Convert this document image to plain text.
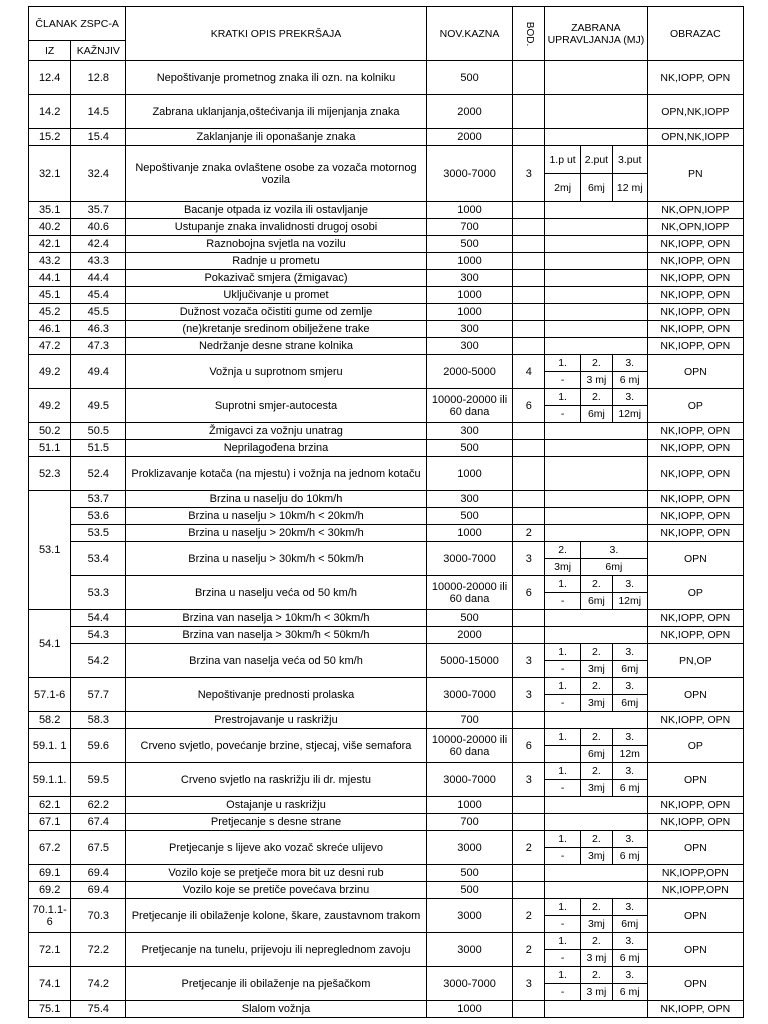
ČLANAK ZSPC-A		KRATKI OPIS PREKRŠAJA	NOV.KAZNA	BOD.	ZABRANA UPRAVLJANJA (MJ)			OBRAZAC
IZ	KAŽNJIV							
12.4	12.8	Nepoštivanje prometnog znaka ili ozn. na kolniku	500					NK,IOPP, OPN
14.2	14.5	Zabrana uklanjanja,oštećivanja ili mijenjanja znaka	2000					OPN,NK,IOPP
15.2	15.4	Zaklanjanje ili oponašanje znaka	2000					OPN,NK,IOPP
32.1	32.4	Nepoštivanje znaka ovlaštene osobe za vozača motornog vozila	3000-7000	3	1.p ut	2.put	3.put	PN
					2mj	6mj	12 mj	
35.1	35.7	Bacanje otpada iz vozila ili ostavljanje	1000					NK,OPN,IOPP
40.2	40.6	Ustupanje znaka invalidnosti drugoj osobi	700					NK,OPN,IOPP
42.1	42.4	Raznobojna svjetla na vozilu	500					NK,IOPP, OPN
43.2	43.3	Radnje u prometu	1000					NK,IOPP, OPN
44.1	44.4	Pokazivač smjera (žmigavac)	300					NK,IOPP, OPN
45.1	45.4	Uključivanje u promet	1000					NK,IOPP, OPN
45.2	45.5	Dužnost vozača očistiti gume od zemlje	1000					NK,IOPP, OPN
46.1	46.3	(ne)kretanje sredinom obilježene trake	300					NK,IOPP, OPN
47.2	47.3	Nedržanje desne strane kolnika	300					NK,IOPP, OPN
49.2	49.4	Vožnja u suprotnom smjeru	2000-5000	4	1.	2.	3.	OPN
					-	3 mj	6 mj	
49.2	49.5	Suprotni smjer-autocesta	10000-20000 ili 60 dana	6	1.	2.	3.	OP
					-	6mj	12mj	
50.2	50.5	Žmigavci za vožnju unatrag	300					NK,IOPP, OPN
51.1	51.5	Neprilagođena brzina	500					NK,IOPP, OPN
52.3	52.4	Proklizavanje kotača (na mjestu) i vožnja na jednom kotaču	1000					NK,IOPP, OPN
53.1	53.7	Brzina u naselju do 10km/h	300					NK,IOPP, OPN
	53.6	Brzina u naselju > 10km/h < 20km/h	500					NK,IOPP, OPN
	53.5	Brzina u naselju > 20km/h < 30km/h	1000	2				NK,IOPP, OPN
	53.4	Brzina u naselju > 30km/h < 50km/h	3000-7000	3	2.	3.		OPN
					3mj	6mj		
	53.3	Brzina u naselju veća od 50 km/h	10000-20000 ili 60 dana	6	1.	2.	3.	OP
					-	6mj	12mj	
54.1	54.4	Brzina van naselja > 10km/h < 30km/h	500					NK,IOPP, OPN
	54.3	Brzina van naselja > 30km/h < 50km/h	2000					NK,IOPP, OPN
	54.2	Brzina van naselja veća od 50 km/h	5000-15000	3	1.	2.	3.	PN,OP
					-	3mj	6mj	
57.1-6	57.7	Nepoštivanje prednosti prolaska	3000-7000	3	1.	2.	3.	OPN
					-	3mj	6mj	
58.2	58.3	Prestrojavanje u raskrižju	700					NK,IOPP, OPN
59.1. 1	59.6	Crveno svjetlo, povećanje brzine, stjecaj, više semafora	10000-20000 ili 60 dana	6	1.	2.	3.	OP
						6mj	12m	
59.1.1.	59.5	Crveno svjetlo na raskrižju ili dr. mjestu	3000-7000	3	1.	2.	3.	OPN
					-	3mj	6 mj	
62.1	62.2	Ostajanje u raskrižju	1000					NK,IOPP, OPN
67.1	67.4	Pretjecanje s desne strane	700					NK,IOPP, OPN
67.2	67.5	Pretjecanje s lijeve ako vozač skreće ulijevo	3000	2	1.	2.	3.	OPN
					-	3mj	6 mj	
69.1	69.4	Vozilo koje se pretječe mora bit uz desni rub	500					NK,IOPP,OPN
69.2	69.4	Vozilo koje se pretiče povećava brzinu	500					NK,IOPP,OPN
70.1.1-6	70.3	Pretjecanje ili obilaženje kolone, škare, zaustavnom trakom	3000	2	1.	2.	3.	OPN
					-	3mj	6mj	
72.1	72.2	Pretjecanje na tunelu, prijevoju ili nepreglednom zavoju	3000	2	1.	2.	3.	OPN
					-	3 mj	6 mj	
74.1	74.2	Pretjecanje ili obilaženje na pješačkom	3000-7000	3	1.	2.	3.	OPN
					-	3 mj	6 mj	
75.1	75.4	Slalom vožnja	1000					NK,IOPP, OPN
